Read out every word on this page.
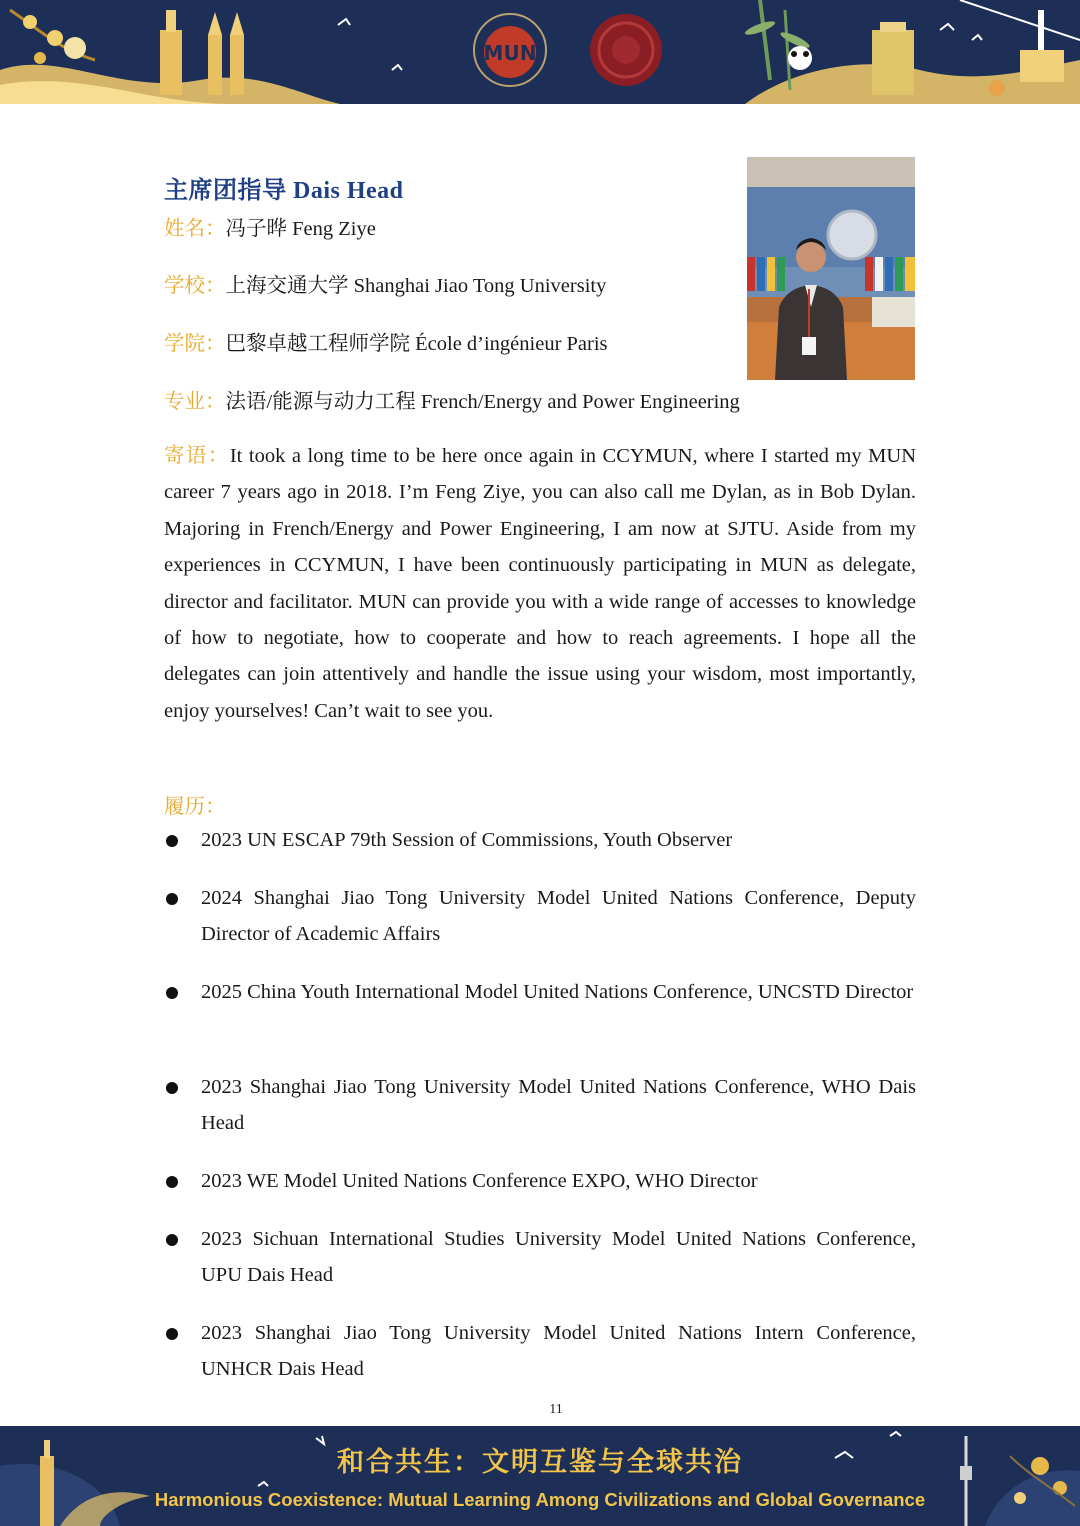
MUN
主席团指导 Dais Head
姓名：冯子晔 Feng Ziye
学校：上海交通大学 Shanghai Jiao Tong University
学院：巴黎卓越工程师学院 École d’ingénieur Paris
专业：法语/能源与动力工程 French/Energy and Power Engineering
寄语：It took a long time to be here once again in CCYMUN, where I started my MUN career 7 years ago in 2018. I’m Feng Ziye, you can also call me Dylan, as in Bob Dylan. Majoring in French/Energy and Power Engineering, I am now at SJTU. Aside from my experiences in CCYMUN, I have been continuously participating in MUN as delegate, director and facilitator. MUN can provide you with a wide range of accesses to knowledge of how to negotiate, how to cooperate and how to reach agreements. I hope all the delegates can join attentively and handle the issue using your wisdom, most importantly, enjoy yourselves! Can’t wait to see you.
履历：
2023 UN ESCAP 79th Session of Commissions, Youth Observer
2024 Shanghai Jiao Tong University Model United Nations Conference, Deputy Director of Academic Affairs
2025 China Youth International Model United Nations Conference, UNCSTD Director
2023 Shanghai Jiao Tong University Model United Nations Conference, WHO Dais Head
2023 WE Model United Nations Conference EXPO, WHO Director
2023 Sichuan International Studies University Model United Nations Conference, UPU Dais Head
2023 Shanghai Jiao Tong University Model United Nations Intern Conference, UNHCR Dais Head
11
和合共生：文明互鉴与全球共治
Harmonious Coexistence: Mutual Learning Among Civilizations and Global Governance
